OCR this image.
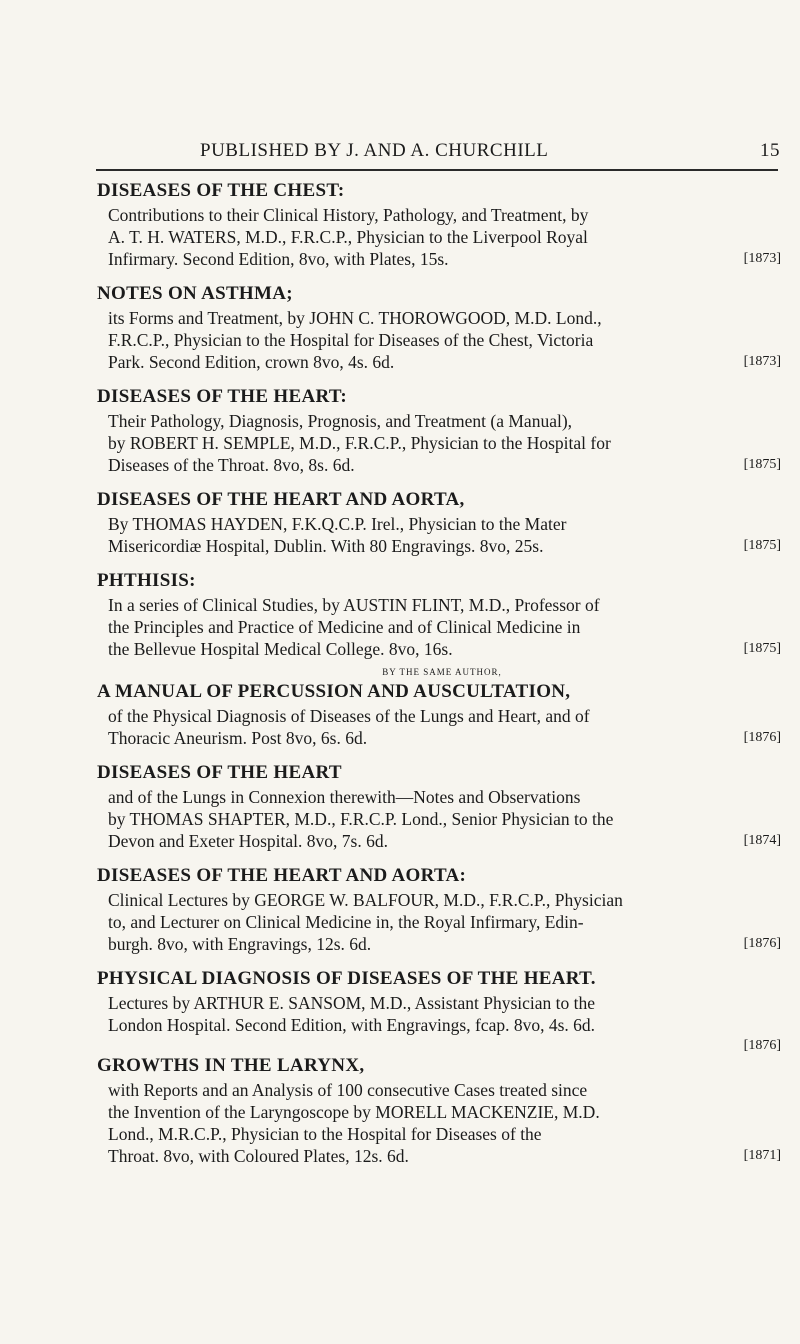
PUBLISHED BY J. AND A. CHURCHILL	15
DISEASES OF THE CHEST:
Contributions to their Clinical History, Pathology, and Treatment, by
A. T. H. WATERS, M.D., F.R.C.P., Physician to the Liverpool Royal
[1873]
Infirmary. Second Edition, 8vo, with Plates, 15s.
NOTES ON ASTHMA;
its Forms and Treatment, by JOHN C. THOROWGOOD, M.D. Lond.,
F.R.C.P., Physician to the Hospital for Diseases of the Chest, Victoria
[1873]
Park. Second Edition, crown 8vo, 4s. 6d.
DISEASES OF THE HEART:
Their Pathology, Diagnosis, Prognosis, and Treatment (a Manual),
by ROBERT H. SEMPLE, M.D., F.R.C.P., Physician to the Hospital for
[1875]
Diseases of the Throat. 8vo, 8s. 6d.
DISEASES OF THE HEART AND AORTA,
By THOMAS HAYDEN, F.K.Q.C.P. Irel., Physician to the Mater
[1875]
Misericordiæ Hospital, Dublin. With 80 Engravings. 8vo, 25s.
PHTHISIS:
In a series of Clinical Studies, by AUSTIN FLINT, M.D., Professor of
the Principles and Practice of Medicine and of Clinical Medicine in
[1875]
the Bellevue Hospital Medical College. 8vo, 16s.
BY THE SAME AUTHOR,
A MANUAL OF PERCUSSION AND AUSCULTATION,
of the Physical Diagnosis of Diseases of the Lungs and Heart, and of
[1876]
Thoracic Aneurism. Post 8vo, 6s. 6d.
DISEASES OF THE HEART
and of the Lungs in Connexion therewith—Notes and Observations
by THOMAS SHAPTER, M.D., F.R.C.P. Lond., Senior Physician to the
[1874]
Devon and Exeter Hospital. 8vo, 7s. 6d.
DISEASES OF THE HEART AND AORTA:
Clinical Lectures by GEORGE W. BALFOUR, M.D., F.R.C.P., Physician
to, and Lecturer on Clinical Medicine in, the Royal Infirmary, Edin-
[1876]
burgh. 8vo, with Engravings, 12s. 6d.
PHYSICAL DIAGNOSIS OF DISEASES OF THE HEART.
Lectures by ARTHUR E. SANSOM, M.D., Assistant Physician to the
London Hospital. Second Edition, with Engravings, fcap. 8vo, 4s. 6d.
[1876]
GROWTHS IN THE LARYNX,
with Reports and an Analysis of 100 consecutive Cases treated since
the Invention of the Laryngoscope by MORELL MACKENZIE, M.D.
Lond., M.R.C.P., Physician to the Hospital for Diseases of the
[1871]
Throat. 8vo, with Coloured Plates, 12s. 6d.
